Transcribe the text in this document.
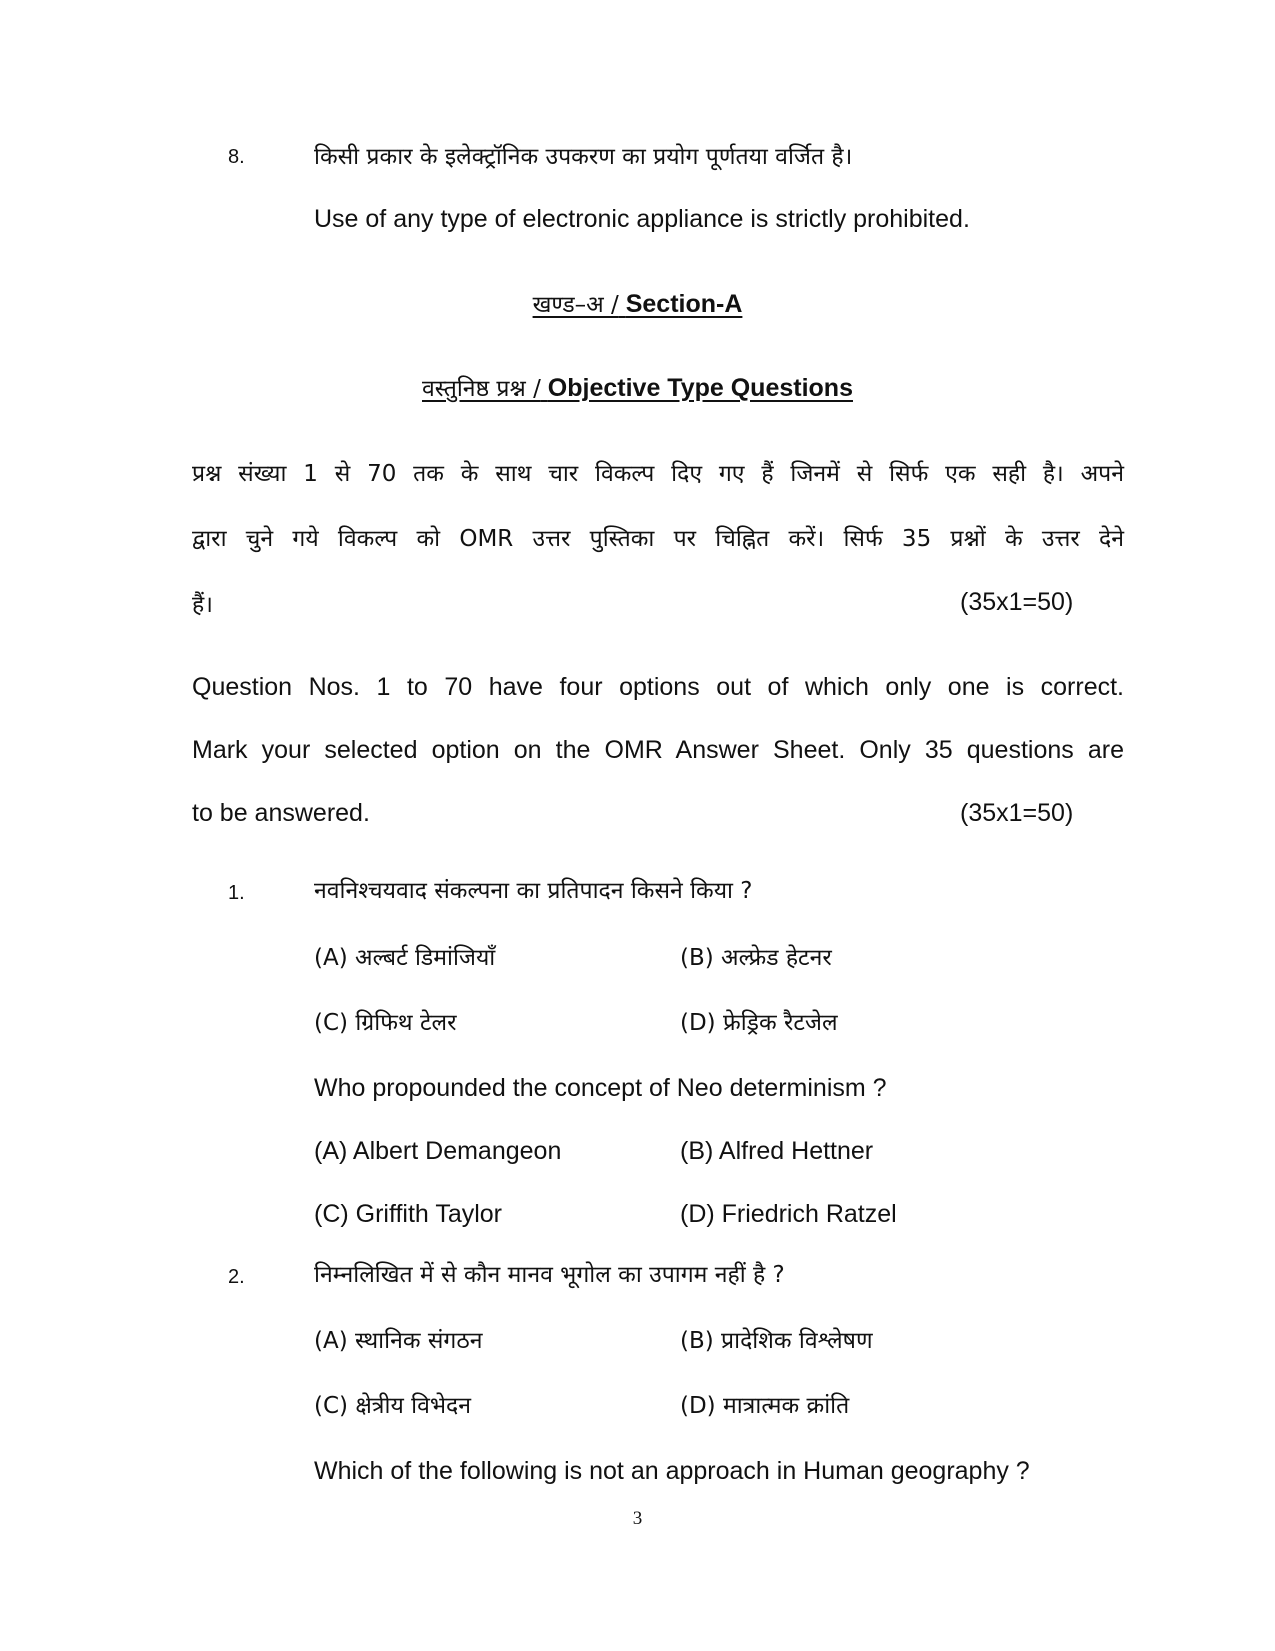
8.	किसी प्रकार के इलेक्ट्रॉनिक उपकरण का प्रयोग पूर्णतया वर्जित है।
Use of any type of electronic appliance is strictly prohibited.
खण्ड–अ / Section-A
वस्तुनिष्ठ प्रश्न / Objective Type Questions
प्रश्न संख्या 1 से 70 तक के साथ चार विकल्प दिए गए हैं जिनमें से सिर्फ एक सही है। अपने
द्वारा चुने गये विकल्प को OMR उत्तर पुस्तिका पर चिह्नित करें। सिर्फ 35 प्रश्नों के उत्तर देने
हैं।	(35x1=50)
Question Nos. 1 to 70 have four options out of which only one is correct.
Mark your selected option on the OMR Answer Sheet. Only 35 questions are
to be answered.	(35x1=50)
1.	नवनिश्चयवाद संकल्पना का प्रतिपादन किसने किया ?
(A) अल्बर्ट डिमांजियाँ	(B) अल्फ्रेड हेटनर
(C) ग्रिफिथ टेलर	(D) फ्रेड्रिक रैटजेल
Who propounded the concept of Neo determinism ?
(A) Albert Demangeon	(B) Alfred Hettner
(C) Griffith Taylor	(D) Friedrich Ratzel
2.	निम्नलिखित में से कौन मानव भूगोल का उपागम नहीं है ?
(A) स्थानिक संगठन	(B) प्रादेशिक विश्लेषण
(C) क्षेत्रीय विभेदन	(D) मात्रात्मक क्रांति
Which of the following is not an approach in Human geography ?
3
